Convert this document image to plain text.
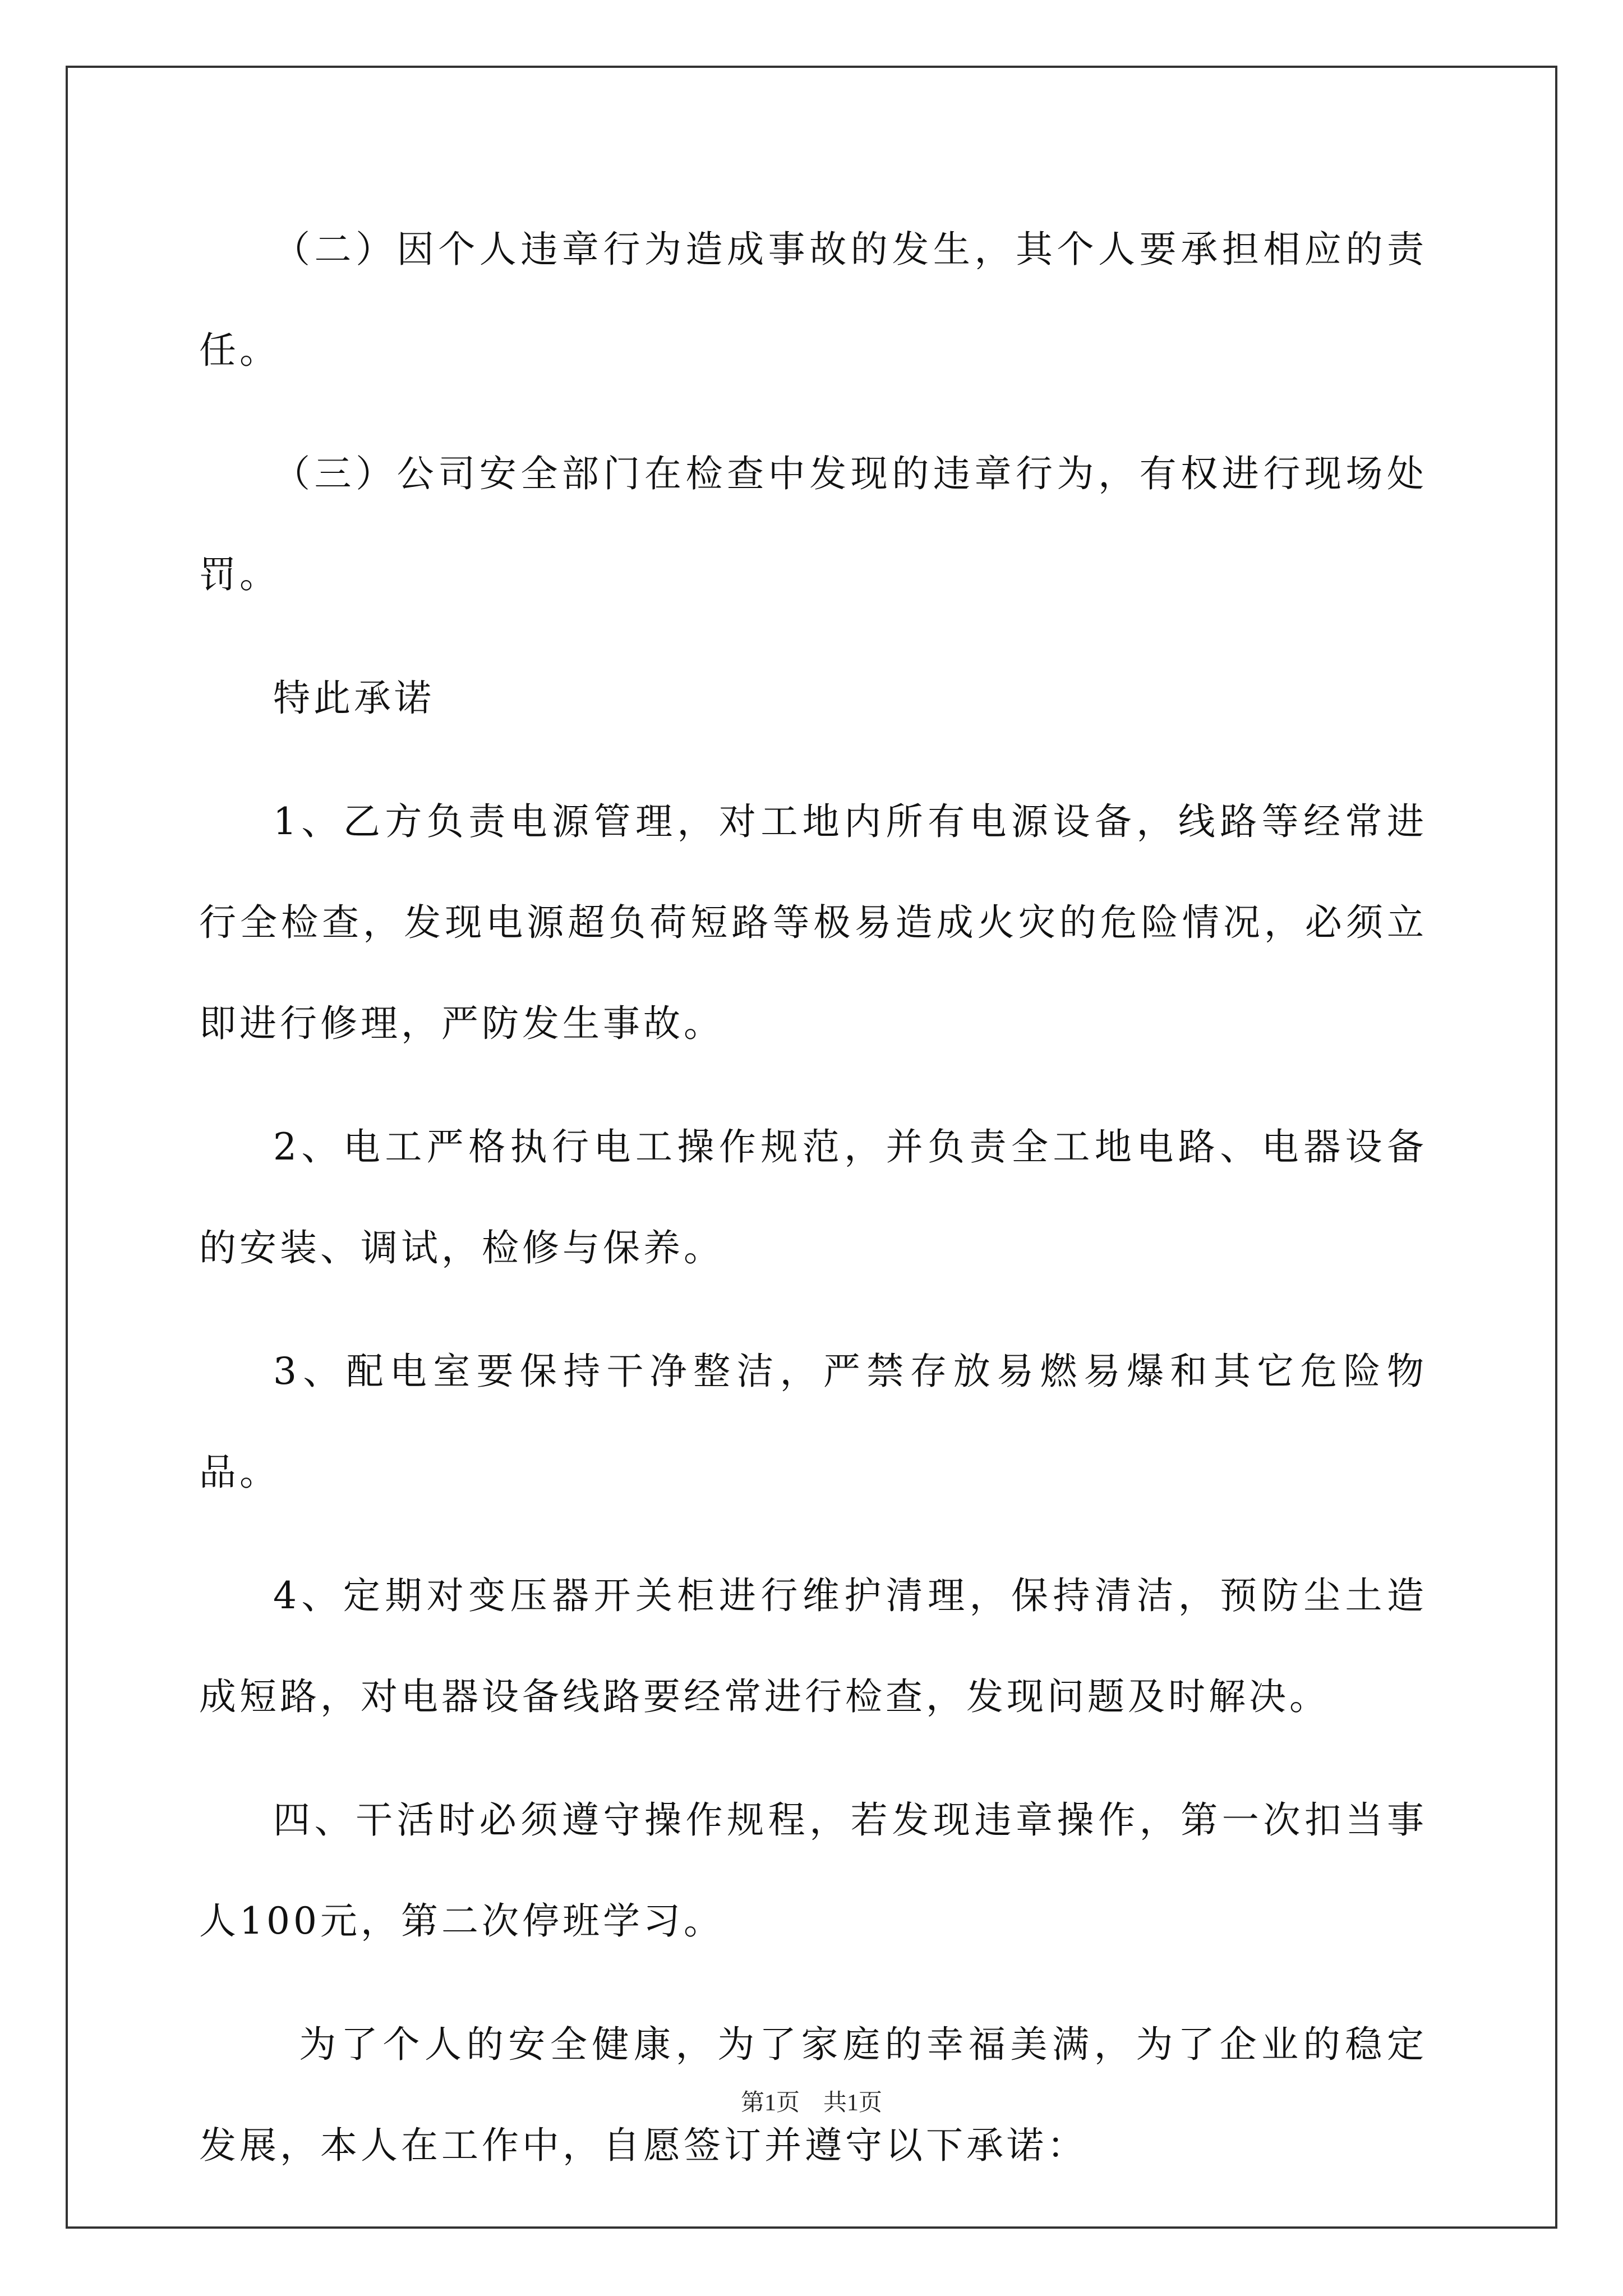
（二）因个人违章行为造成事故的发生，其个人要承担相应的责任。

（三）公司安全部门在检查中发现的违章行为，有权进行现场处罚。

特此承诺

1、乙方负责电源管理，对工地内所有电源设备，线路等经常进行全检查，发现电源超负荷短路等极易造成火灾的危险情况，必须立即进行修理，严防发生事故。

2、电工严格执行电工操作规范，并负责全工地电路、电器设备的安装、调试，检修与保养。

3、配电室要保持干净整洁，严禁存放易燃易爆和其它危险物品。

4、定期对变压器开关柜进行维护清理，保持清洁，预防尘土造成短路，对电器设备线路要经常进行检查，发现问题及时解决。

四、干活时必须遵守操作规程，若发现违章操作，第一次扣当事人100元，第二次停班学习。

为了个人的安全健康，为了家庭的幸福美满，为了企业的稳定发展，本人在工作中，自愿签订并遵守以下承诺：

第1页　共1页
